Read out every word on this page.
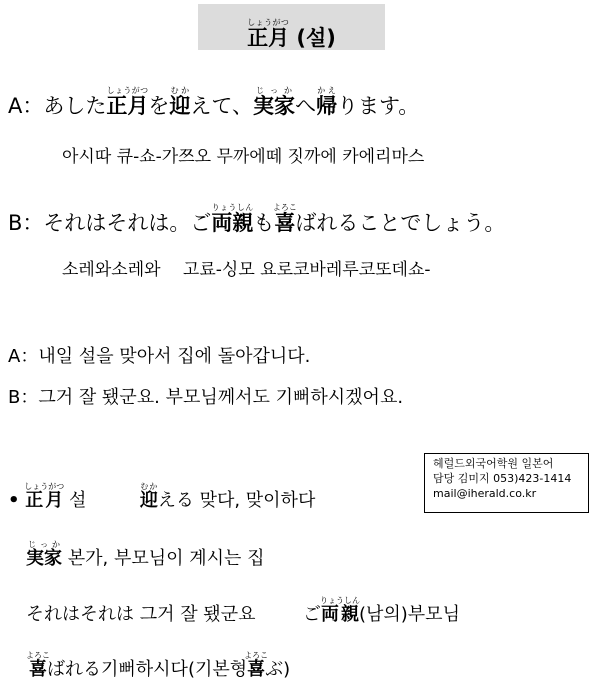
正月しょうがつ (설)
A：あした正月しょうがつを迎むかえて、実家じっかへ帰かえります。
아시따 큐-쇼-가쯔오 무까에떼 짓까에 카에리마스
B：それはそれは。ご両親りょうしんも喜よろこばれることでしょう。
소레와소레와　 고료-싱모 요로코바레루코또데쇼-
A：내일 설을 맞아서 집에 돌아갑니다.
B：그거 잘 됐군요. 부모님께서도 기뻐하시겠어요.
헤럴드외국어학원 일본어
담당 김미지 053)423-1414
mail@iherald.co.kr
• 正月しょうがつ 설	迎むかえる 맞다, 맞이하다
実家じっか 본가, 부모님이 계시는 집
それはそれは 그거 잘 됐군요	ご両親りょうしん(남의)부모님
喜よろこばれる기뻐하시다(기본형喜よろこぶ)
